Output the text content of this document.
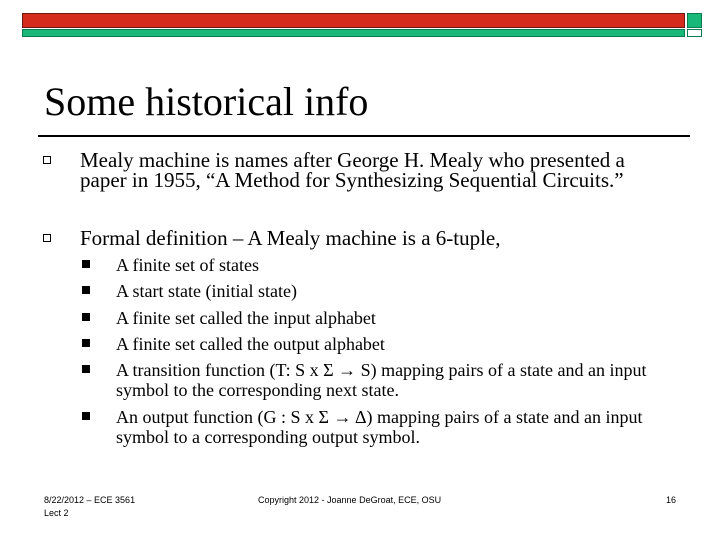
Some historical info
Mealy machine is names after George H. Mealy who presented a paper in 1955, “A Method for Synthesizing Sequential Circuits.”
Formal definition – A Mealy machine is a 6-tuple,
A finite set of states
A start state (initial state)
A finite set called the input alphabet
A finite set called the output alphabet
A transition function (T: S x Σ → S) mapping pairs of a state and an input symbol to the corresponding next state.
An output function (G : S x Σ → Δ) mapping pairs of a state and an input symbol to a corresponding output symbol.
8/22/2012 – ECE 3561
Lect 2
Copyright 2012 - Joanne DeGroat, ECE, OSU	16
